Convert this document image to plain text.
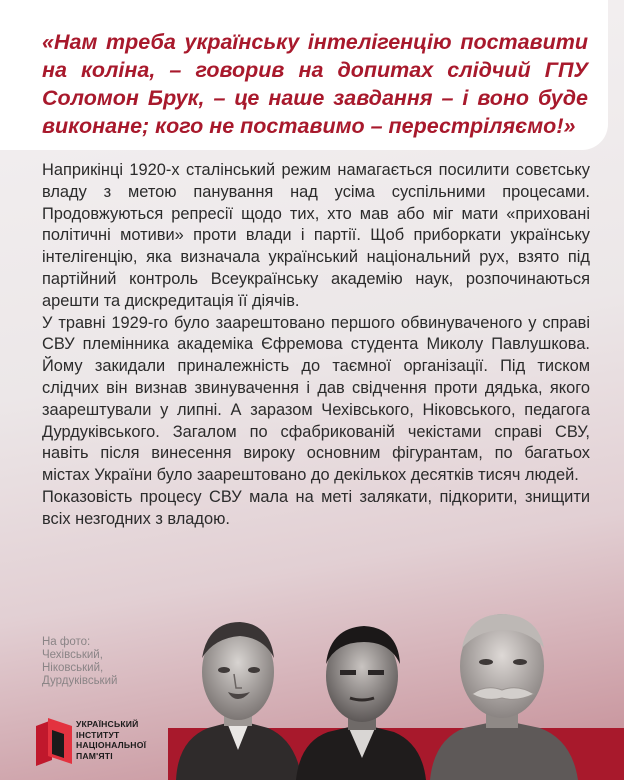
«Нам треба українську інтелігенцію поставити на коліна, – говорив на допитах слідчий ГПУ Соломон Брук, – це наше завдання – і воно буде виконане; кого не поставимо – перестріляємо!»

Наприкінці 1920-х сталінський режим намагається посилити совєтську владу з метою панування над усіма суспільними процесами. Продовжуються репресії щодо тих, хто мав або міг мати «приховані політичні мотиви» проти влади і партії. Щоб приборкати українську інтелігенцію, яка визначала український національний рух, взято під партійний контроль Всеукраїнську академію наук, розпочинаються арешти та дискредитація її діячів.

У травні 1929-го було заарештовано першого обвинуваченого у справі СВУ племінника академіка Єфремова студента Миколу Павлушкова. Йому закидали приналежність до таємної організації. Під тиском слідчих він визнав звинувачення і дав свідчення проти дядька, якого заарештували у липні. А заразом Чехівського, Ніковського, педагога Дурдуківського. Загалом по сфабрикованій чекістами справі СВУ, навіть після винесення вироку основним фігурантам, по багатьох містах України було заарештовано до декількох десятків тисяч людей.

Показовість процесу СВУ мала на меті залякати, підкорити, знищити всіх незгодних з владою.

На фото:
Чехівський,
Ніковський,
Дурдуківський
УКРАЇНСЬКИЙ
ІНСТИТУТ
НАЦІОНАЛЬНОЇ
ПАМ'ЯТІ
